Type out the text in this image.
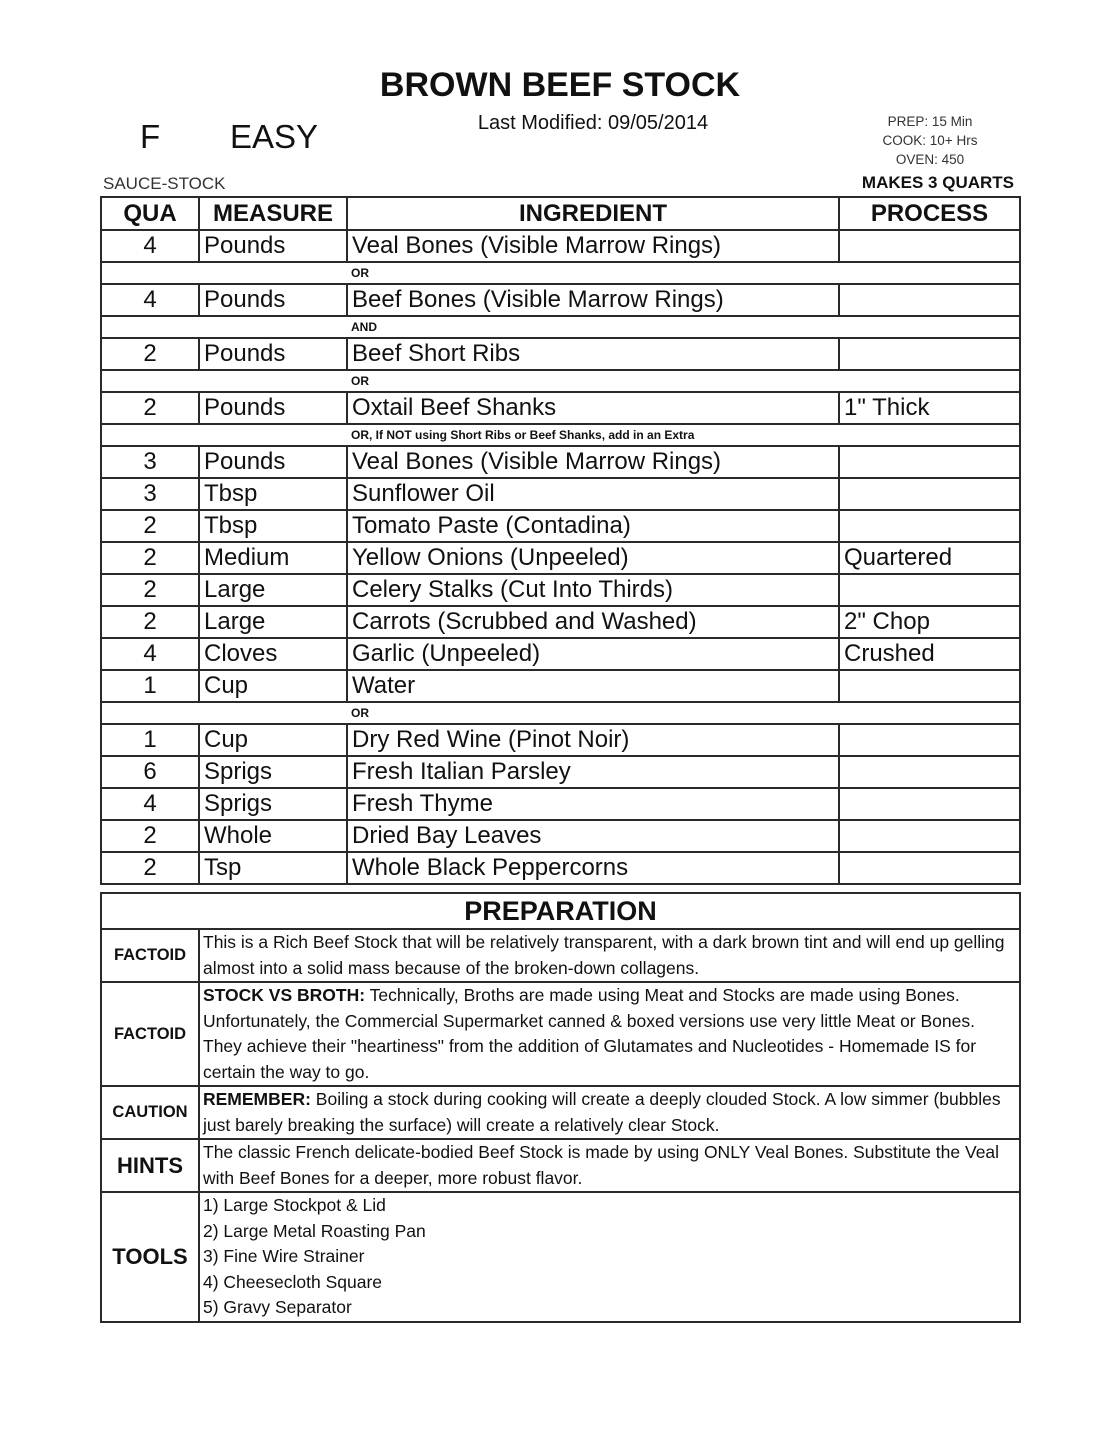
BROWN BEEF STOCK
Last Modified: 09/05/2014
F EASY	PREP: 15 Min
COOK: 10+ Hrs
OVEN: 450
SAUCE-STOCK	MAKES 3 QUARTS
QUA	MEASURE	INGREDIENT	PROCESS
4	Pounds	Veal Bones (Visible Marrow Rings)	
		OR	
4	Pounds	Beef Bones (Visible Marrow Rings)	
		AND	
2	Pounds	Beef Short Ribs	
		OR	
2	Pounds	Oxtail Beef Shanks	1" Thick
		OR, If NOT using Short Ribs or Beef Shanks, add in an Extra	
3	Pounds	Veal Bones (Visible Marrow Rings)	
3	Tbsp	Sunflower Oil	
2	Tbsp	Tomato Paste (Contadina)	
2	Medium	Yellow Onions (Unpeeled)	Quartered
2	Large	Celery Stalks (Cut Into Thirds)	
2	Large	Carrots (Scrubbed and Washed)	2" Chop
4	Cloves	Garlic (Unpeeled)	Crushed
1	Cup	Water	
		OR	
1	Cup	Dry Red Wine (Pinot Noir)	
6	Sprigs	Fresh Italian Parsley	
4	Sprigs	Fresh Thyme	
2	Whole	Dried Bay Leaves	
2	Tsp	Whole Black Peppercorns	
PREPARATION	
FACTOID	This is a Rich Beef Stock that will be relatively transparent, with a dark brown tint and will end up gelling almost into a solid mass because of the broken-down collagens.
FACTOID	STOCK VS BROTH: Technically, Broths are made using Meat and Stocks are made using Bones. Unfortunately, the Commercial Supermarket canned & boxed versions use very little Meat or Bones. They achieve their "heartiness" from the addition of Glutamates and Nucleotides - Homemade IS for certain the way to go.
CAUTION	REMEMBER: Boiling a stock during cooking will create a deeply clouded Stock. A low simmer (bubbles just barely breaking the surface) will create a relatively clear Stock.
HINTS	The classic French delicate-bodied Beef Stock is made by using ONLY Veal Bones. Substitute the Veal with Beef Bones for a deeper, more robust flavor.
TOOLS	1) Large Stockpot & Lid
2) Large Metal Roasting Pan
3) Fine Wire Strainer
4) Cheesecloth Square
5) Gravy Separator
